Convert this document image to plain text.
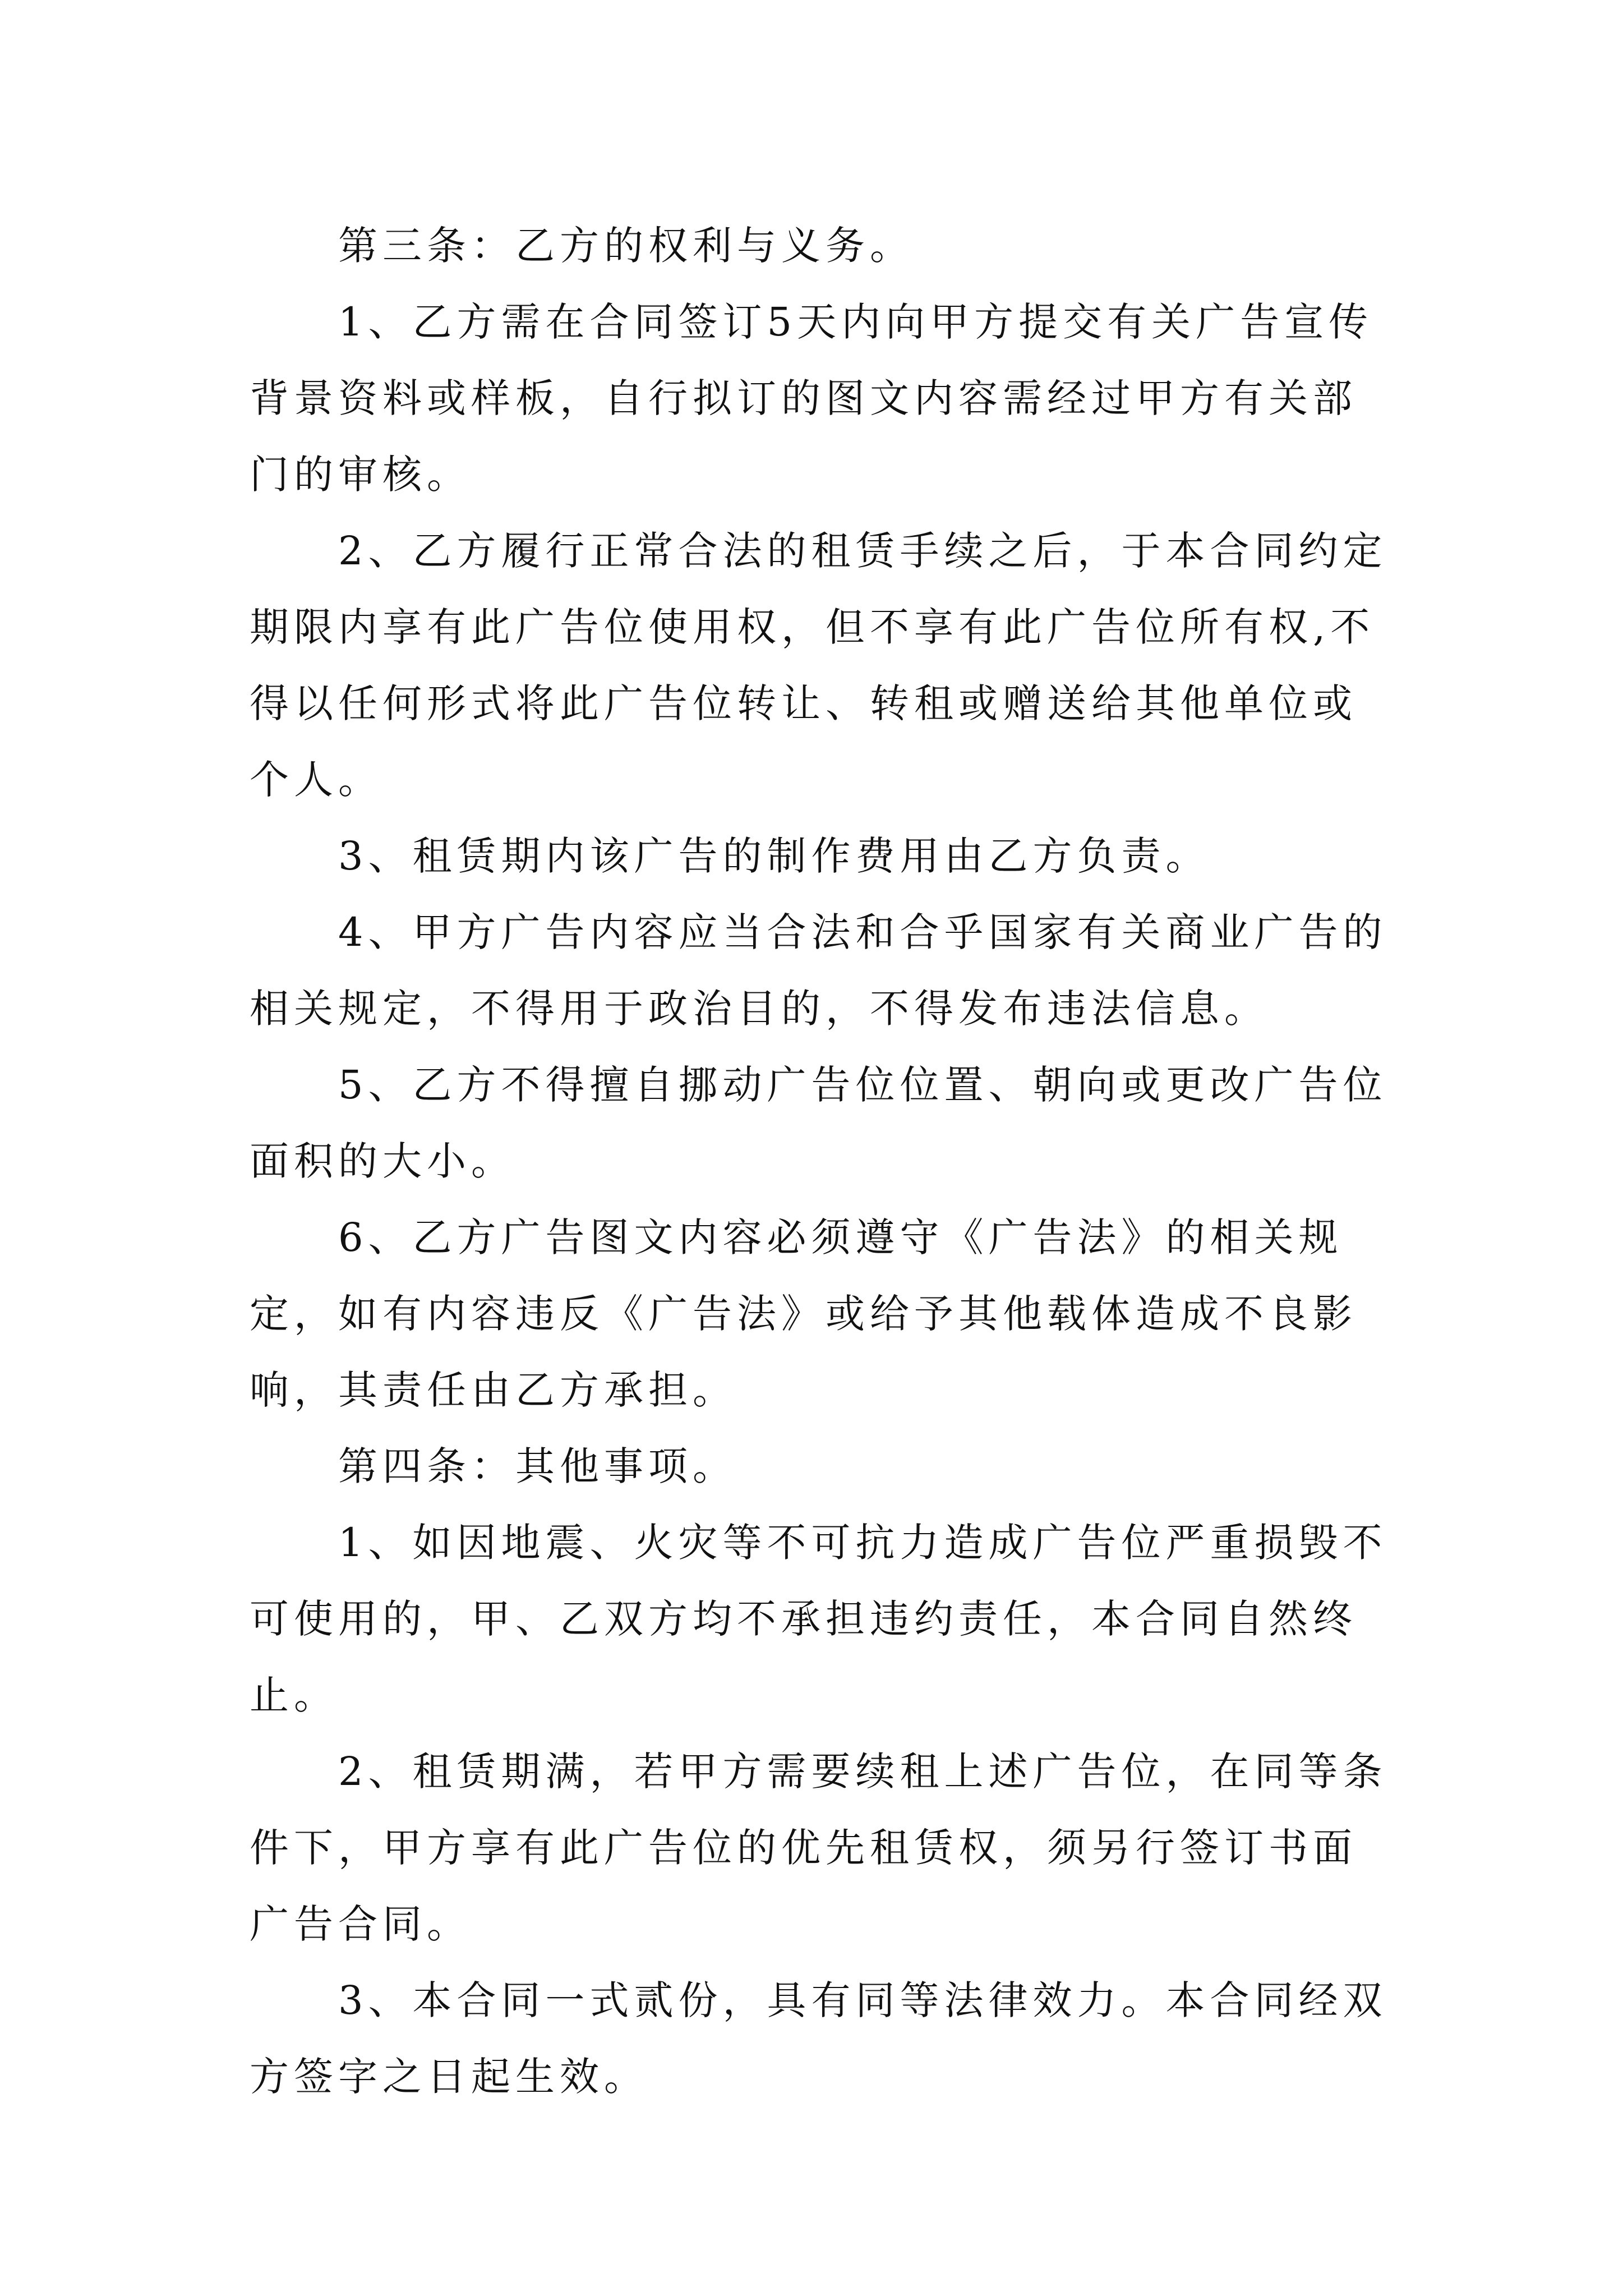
第三条：乙方的权利与义务。

1、乙方需在合同签订5天内向甲方提交有关广告宣传背景资料或样板，自行拟订的图文内容需经过甲方有关部门的审核。

2、乙方履行正常合法的租赁手续之后，于本合同约定期限内享有此广告位使用权，但不享有此广告位所有权,不得以任何形式将此广告位转让、转租或赠送给其他单位或个人。

3、租赁期内该广告的制作费用由乙方负责。

4、甲方广告内容应当合法和合乎国家有关商业广告的相关规定，不得用于政治目的，不得发布违法信息。

5、乙方不得擅自挪动广告位位置、朝向或更改广告位面积的大小。

6、乙方广告图文内容必须遵守《广告法》的相关规定，如有内容违反《广告法》或给予其他载体造成不良影响，其责任由乙方承担。

第四条：其他事项。

1、如因地震、火灾等不可抗力造成广告位严重损毁不可使用的，甲、乙双方均不承担违约责任，本合同自然终止。

2、租赁期满，若甲方需要续租上述广告位，在同等条件下，甲方享有此广告位的优先租赁权，须另行签订书面广告合同。

3、本合同一式贰份，具有同等法律效力。本合同经双方签字之日起生效。
